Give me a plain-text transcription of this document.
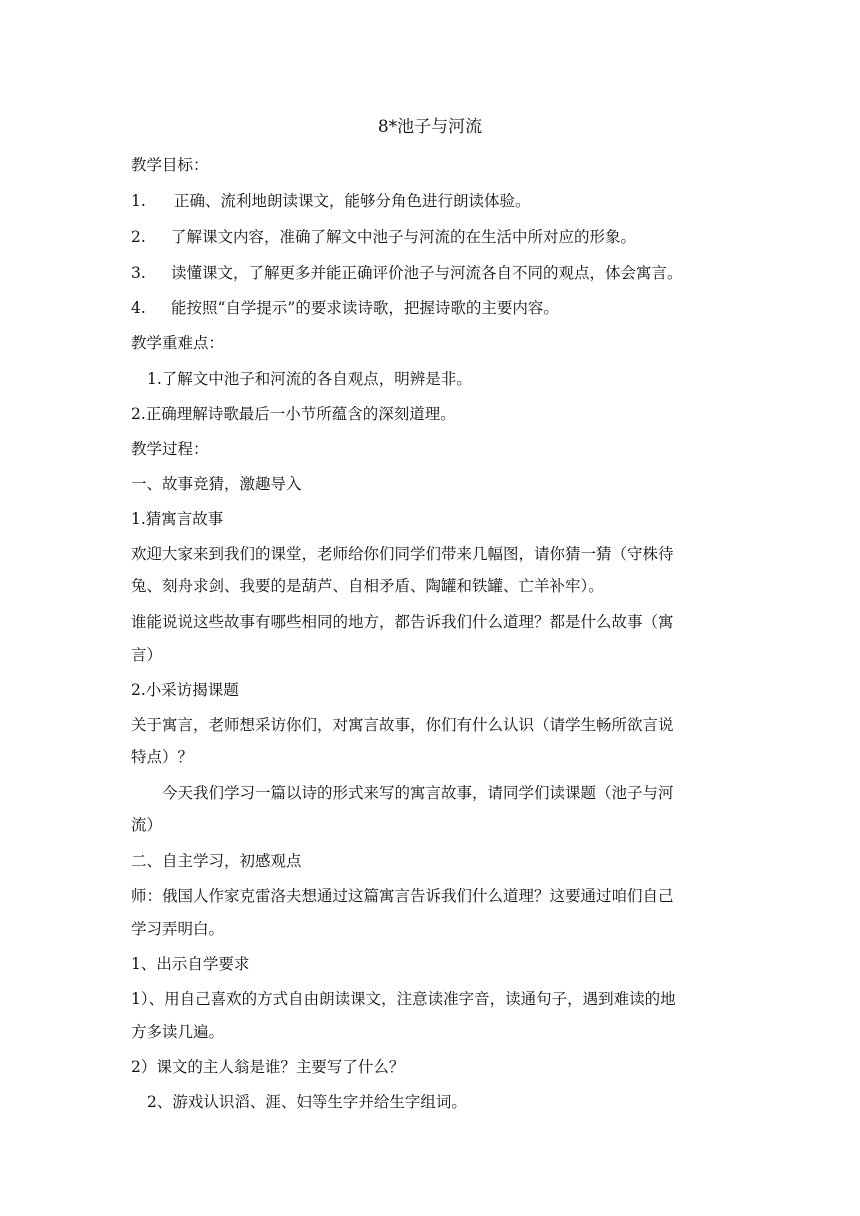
8*池子与河流
教学目标：
1. 正确、流利地朗读课文，能够分角色进行朗读体验。
2. 了解课文内容，准确了解文中池子与河流的在生活中所对应的形象。
3. 读懂课文，了解更多并能正确评价池子与河流各自不同的观点，体会寓言。
4. 能按照“自学提示”的要求读诗歌，把握诗歌的主要内容。
教学重难点：
1.了解文中池子和河流的各自观点，明辨是非。
2.正确理解诗歌最后一小节所蕴含的深刻道理。
教学过程：
一、故事竞猜，激趣导入
1.猜寓言故事
欢迎大家来到我们的课堂，老师给你们同学们带来几幅图，请你猜一猜（守株待
兔、刻舟求剑、我要的是葫芦、自相矛盾、陶罐和铁罐、亡羊补牢）。
谁能说说这些故事有哪些相同的地方，都告诉我们什么道理？都是什么故事（寓
言）
2.小采访揭课题
关于寓言，老师想采访你们，对寓言故事，你们有什么认识（请学生畅所欲言说
特点）？
今天我们学习一篇以诗的形式来写的寓言故事，请同学们读课题（池子与河
流）
二、自主学习，初感观点
师：俄国人作家克雷洛夫想通过这篇寓言告诉我们什么道理？这要通过咱们自己
学习弄明白。
1、出示自学要求
1）、用自己喜欢的方式自由朗读课文，注意读准字音，读通句子，遇到难读的地
方多读几遍。
2）课文的主人翁是谁？主要写了什么？
2、游戏认识滔、涯、妇等生字并给生字组词。
